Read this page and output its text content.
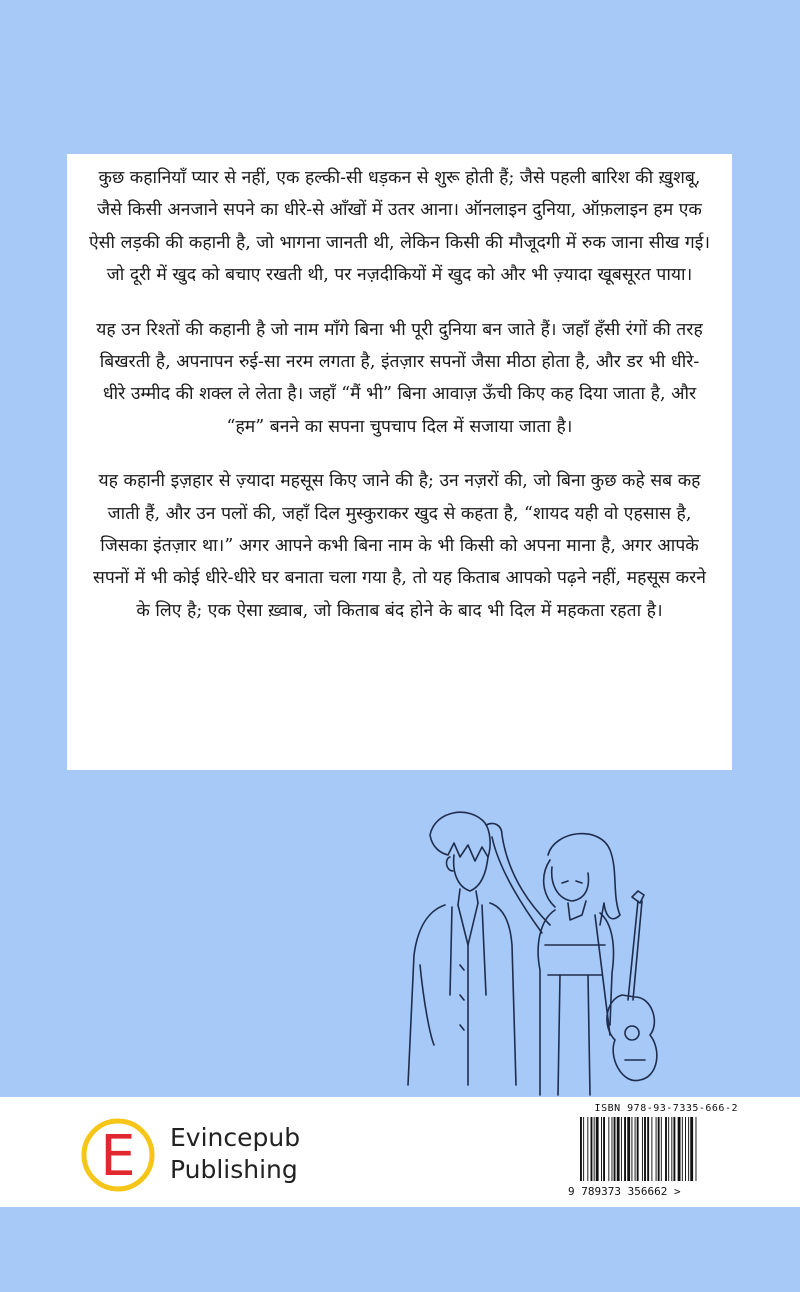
कुछ कहानियाँ प्यार से नहीं, एक हल्की-सी धड़कन से शुरू होती हैं; जैसे पहली बारिश की ख़ुशबू, जैसे किसी अनजाने सपने का धीरे-से आँखों में उतर आना। ऑनलाइन दुनिया, ऑफ़लाइन हम एक ऐसी लड़की की कहानी है, जो भागना जानती थी, लेकिन किसी की मौजूदगी में रुक जाना सीख गई। जो दूरी में खुद को बचाए रखती थी, पर नज़दीकियों में खुद को और भी ज़्यादा खूबसूरत पाया।

यह उन रिश्तों की कहानी है जो नाम माँगे बिना भी पूरी दुनिया बन जाते हैं। जहाँ हँसी रंगों की तरह बिखरती है, अपनापन रुई-सा नरम लगता है, इंतज़ार सपनों जैसा मीठा होता है, और डर भी धीरे-धीरे उम्मीद की शक्ल ले लेता है। जहाँ “मैं भी” बिना आवाज़ ऊँची किए कह दिया जाता है, और “हम” बनने का सपना चुपचाप दिल में सजाया जाता है।

यह कहानी इज़हार से ज़्यादा महसूस किए जाने की है; उन नज़रों की, जो बिना कुछ कहे सब कह जाती हैं, और उन पलों की, जहाँ दिल मुस्कुराकर खुद से कहता है, “शायद यही वो एहसास है, जिसका इंतज़ार था।” अगर आपने कभी बिना नाम के भी किसी को अपना माना है, अगर आपके सपनों में भी कोई धीरे-धीरे घर बनाता चला गया है, तो यह किताब आपको पढ़ने नहीं, महसूस करने के लिए है; एक ऐसा ख़्वाब, जो किताब बंद होने के बाद भी दिल में महकता रहता है।

E Evincepub
Publishing

ISBN 978-93-7335-666-2

9 789373 356662 >
